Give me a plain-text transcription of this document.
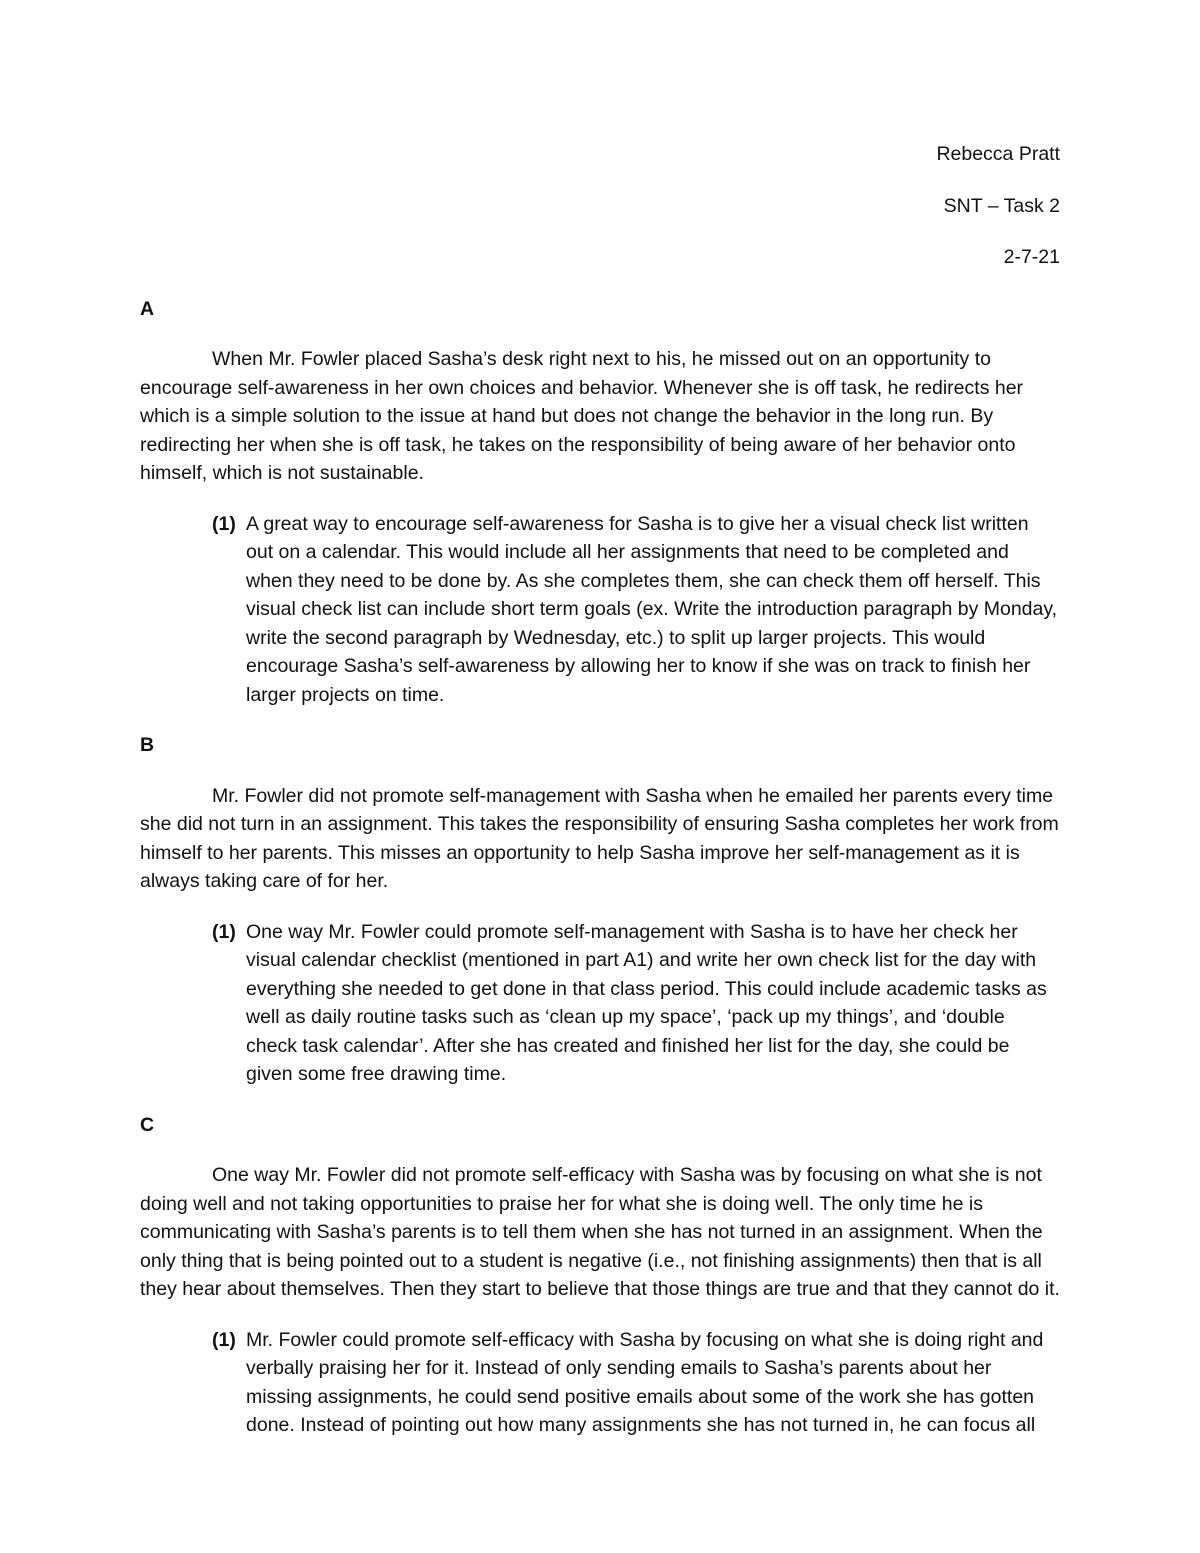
Rebecca Pratt
SNT – Task 2
2-7-21
A
When Mr. Fowler placed Sasha’s desk right next to his, he missed out on an opportunity to encourage self-awareness in her own choices and behavior. Whenever she is off task, he redirects her which is a simple solution to the issue at hand but does not change the behavior in the long run. By redirecting her when she is off task, he takes on the responsibility of being aware of her behavior onto himself, which is not sustainable.
(1) A great way to encourage self-awareness for Sasha is to give her a visual check list written out on a calendar. This would include all her assignments that need to be completed and when they need to be done by. As she completes them, she can check them off herself. This visual check list can include short term goals (ex. Write the introduction paragraph by Monday, write the second paragraph by Wednesday, etc.) to split up larger projects. This would encourage Sasha’s self-awareness by allowing her to know if she was on track to finish her larger projects on time.
B
Mr. Fowler did not promote self-management with Sasha when he emailed her parents every time she did not turn in an assignment. This takes the responsibility of ensuring Sasha completes her work from himself to her parents. This misses an opportunity to help Sasha improve her self-management as it is always taking care of for her.
(1) One way Mr. Fowler could promote self-management with Sasha is to have her check her visual calendar checklist (mentioned in part A1) and write her own check list for the day with everything she needed to get done in that class period. This could include academic tasks as well as daily routine tasks such as ‘clean up my space’, ‘pack up my things’, and ‘double check task calendar’. After she has created and finished her list for the day, she could be given some free drawing time.
C
One way Mr. Fowler did not promote self-efficacy with Sasha was by focusing on what she is not doing well and not taking opportunities to praise her for what she is doing well. The only time he is communicating with Sasha’s parents is to tell them when she has not turned in an assignment. When the only thing that is being pointed out to a student is negative (i.e., not finishing assignments) then that is all they hear about themselves. Then they start to believe that those things are true and that they cannot do it.
(1) Mr. Fowler could promote self-efficacy with Sasha by focusing on what she is doing right and verbally praising her for it. Instead of only sending emails to Sasha’s parents about her missing assignments, he could send positive emails about some of the work she has gotten done. Instead of pointing out how many assignments she has not turned in, he can focus all
